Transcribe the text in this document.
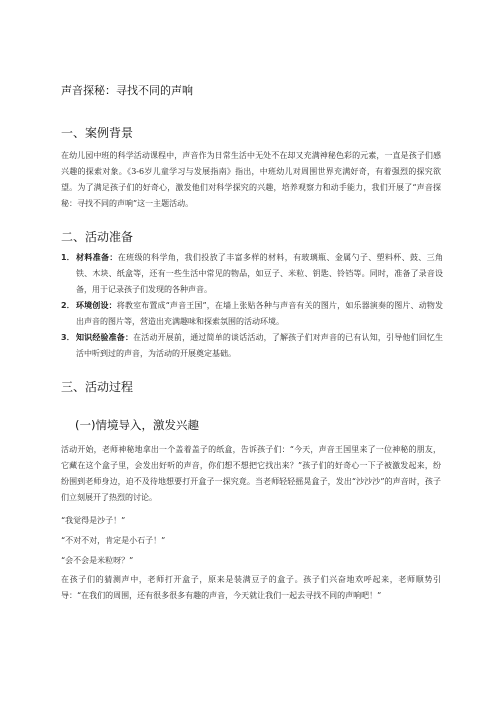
声音探秘：寻找不同的声响
一、案例背景

在幼儿园中班的科学活动课程中，声音作为日常生活中无处不在却又充满神秘色彩的元素，一直是孩子们感兴趣的探索对象。《3-6岁儿童学习与发展指南》指出，中班幼儿对周围世界充满好奇，有着强烈的探究欲望。为了满足孩子们的好奇心，激发他们对科学探究的兴趣，培养观察力和动手能力，我们开展了“声音探秘：寻找不同的声响”这一主题活动。

二、活动准备
1． 材料准备：在班级的科学角，我们投放了丰富多样的材料，有玻璃瓶、金属勺子、塑料杯、鼓、三角铁、木块、纸盒等，还有一些生活中常见的物品，如豆子、米粒、钥匙、铃铛等。同时，准备了录音设备，用于记录孩子们发现的各种声音。
2． 环境创设：将教室布置成“声音王国”，在墙上张贴各种与声音有关的图片，如乐器演奏的图片、动物发出声音的图片等，营造出充满趣味和探索氛围的活动环境。
3． 知识经验准备：在活动开展前，通过简单的谈话活动，了解孩子们对声音的已有认知，引导他们回忆生活中听到过的声音，为活动的开展奠定基础。
三、活动过程
(一)情境导入，激发兴趣

活动开始，老师神秘地拿出一个盖着盖子的纸盒，告诉孩子们：“今天，声音王国里来了一位神秘的朋友，它藏在这个盒子里，会发出好听的声音，你们想不想把它找出来？”孩子们的好奇心一下子被激发起来，纷纷围到老师身边，迫不及待地想要打开盒子一探究竟。当老师轻轻摇晃盒子，发出“沙沙沙”的声音时，孩子们立刻展开了热烈的讨论。

“我觉得是沙子！”
“不对不对，肯定是小石子！”
“会不会是米粒呀？”

在孩子们的猜测声中，老师打开盒子，原来是装满豆子的盒子。孩子们兴奋地欢呼起来，老师顺势引导：“在我们的周围，还有很多很多有趣的声音，今天就让我们一起去寻找不同的声响吧！”
